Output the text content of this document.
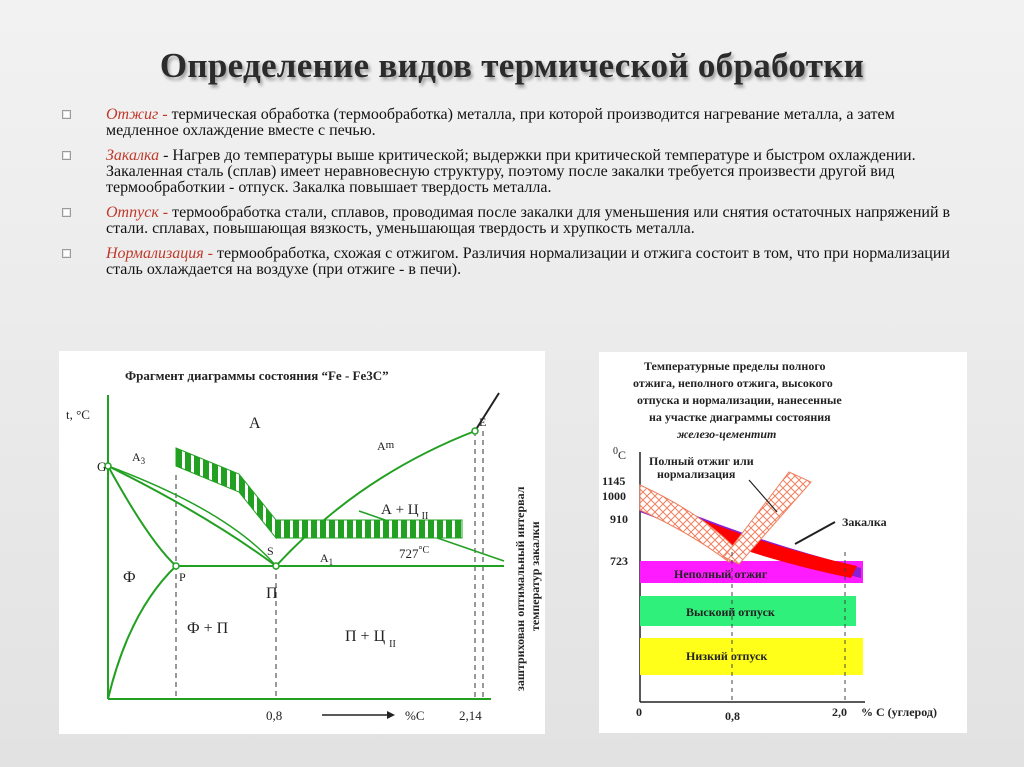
Определение видов термической обработки
Отжиг - термическая обработка (термообработка) металла, при которой производится нагревание металла, а затем медленное охлаждение вместе с печью.
Закалка - Нагрев до температуры выше критической; выдержки при критической температуре и быстром охлаждении. Закаленная сталь (сплав) имеет неравновесную структуру, поэтому после закалки требуется произвести другой вид термообработкии - отпуск. Закалка повышает твердость металла.
Отпуск - термообработка стали, сплавов, проводимая после закалки для уменьшения или снятия остаточных напряжений в стали. сплавах, повышающая вязкость, уменьшающая твердость и хрупкость металла.
Нормализация - термообработка, схожая с отжигом. Различия нормализации и отжига состоит в том, что при нормализации сталь охлаждается на воздухе (при отжиге - в печи).
Фрагмент диаграммы состояния “Fe - Fe3C”
t, °C
G
S
P
E
$A_3$
Am
$A_1$
$727^{^\circ C}$
A
А + Ц $_{II}$
Ф
Ф + П
П
П + Ц $_{II}$
0,8	2,14
%С
заштрихован оптимальный интервал температур закалки
Температурные пределы полного
отжига, неполного отжига, высокого
отпуска и нормализации, нанесенные
на участке диаграммы состояния
железо-цементит
$^0$C
1145
1000
910
723
Неполный отжиг
Выскоий отпуск
Низкий отпуск
Полный отжиг или
нормализация
Закалка
0	0,8	2,0 % С (углерод)
